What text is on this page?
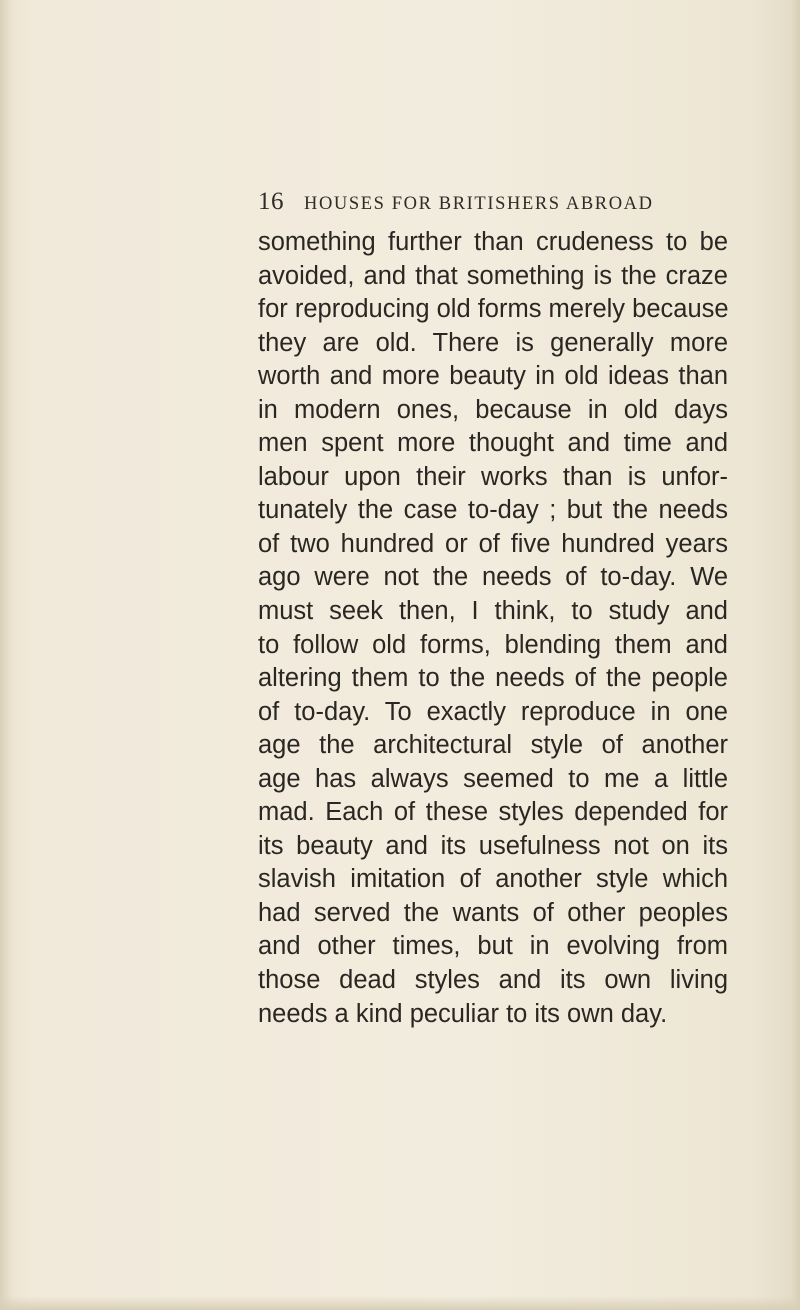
16 HOUSES FOR BRITISHERS ABROAD
something further than crudeness to be
avoided, and that something is the craze
for reproducing old forms merely because
they are old. There is generally more
worth and more beauty in old ideas than
in modern ones, because in old days
men spent more thought and time and
labour upon their works than is unfor-
tunately the case to-day ; but the needs
of two hundred or of five hundred years
ago were not the needs of to-day. We
must seek then, I think, to study and
to follow old forms, blending them and
altering them to the needs of the people
of to-day. To exactly reproduce in one
age the architectural style of another
age has always seemed to me a little
mad. Each of these styles depended for
its beauty and its usefulness not on its
slavish imitation of another style which
had served the wants of other peoples
and other times, but in evolving from
those dead styles and its own living
needs a kind peculiar to its own day.
